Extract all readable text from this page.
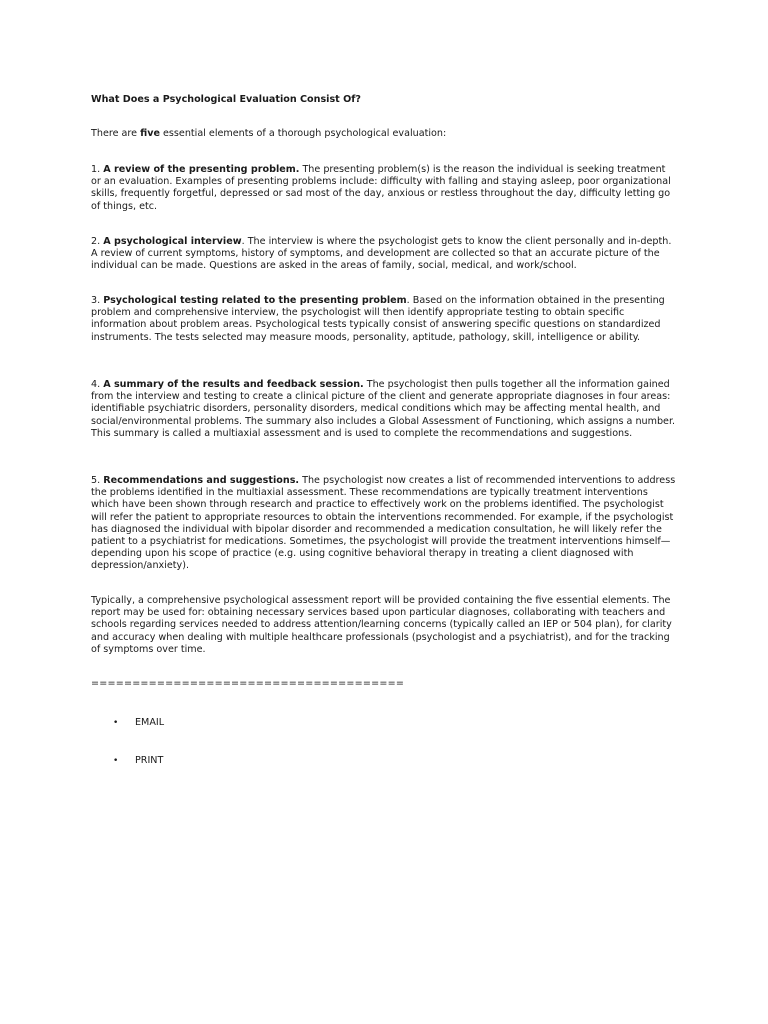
What Does a Psychological Evaluation Consist Of?

There are five essential elements of a thorough psychological evaluation:

1. A review of the presenting problem. The presenting problem(s) is the reason the individual is seeking treatment or an evaluation. Examples of presenting problems include: difficulty with falling and staying asleep, poor organizational skills, frequently forgetful, depressed or sad most of the day, anxious or restless throughout the day, difficulty letting go of things, etc.

2. A psychological interview. The interview is where the psychologist gets to know the client personally and in-depth. A review of current symptoms, history of symptoms, and development are collected so that an accurate picture of the individual can be made. Questions are asked in the areas of family, social, medical, and work/school.

3. Psychological testing related to the presenting problem. Based on the information obtained in the presenting problem and comprehensive interview, the psychologist will then identify appropriate testing to obtain specific information about problem areas. Psychological tests typically consist of answering specific questions on standardized instruments. The tests selected may measure moods, personality, aptitude, pathology, skill, intelligence or ability.

4. A summary of the results and feedback session. The psychologist then pulls together all the information gained from the interview and testing to create a clinical picture of the client and generate appropriate diagnoses in four areas: identifiable psychiatric disorders, personality disorders, medical conditions which may be affecting mental health, and social/environmental problems. The summary also includes a Global Assessment of Functioning, which assigns a number. This summary is called a multiaxial assessment and is used to complete the recommendations and suggestions.

5. Recommendations and suggestions. The psychologist now creates a list of recommended interventions to address the problems identified in the multiaxial assessment. These recommendations are typically treatment interventions which have been shown through research and practice to effectively work on the problems identified. The psychologist will refer the patient to appropriate resources to obtain the interventions recommended. For example, if the psychologist has diagnosed the individual with bipolar disorder and recommended a medication consultation, he will likely refer the patient to a psychiatrist for medications. Sometimes, the psychologist will provide the treatment interventions himself—depending upon his scope of practice (e.g. using cognitive behavioral therapy in treating a client diagnosed with depression/anxiety).

Typically, a comprehensive psychological assessment report will be provided containing the five essential elements. The report may be used for: obtaining necessary services based upon particular diagnoses, collaborating with teachers and schools regarding services needed to address attention/learning concerns (typically called an IEP or 504 plan), for clarity and accuracy when dealing with multiple healthcare professionals (psychologist and a psychiatrist), and for the tracking of symptoms over time.

======================================

• EMAIL
• PRINT
